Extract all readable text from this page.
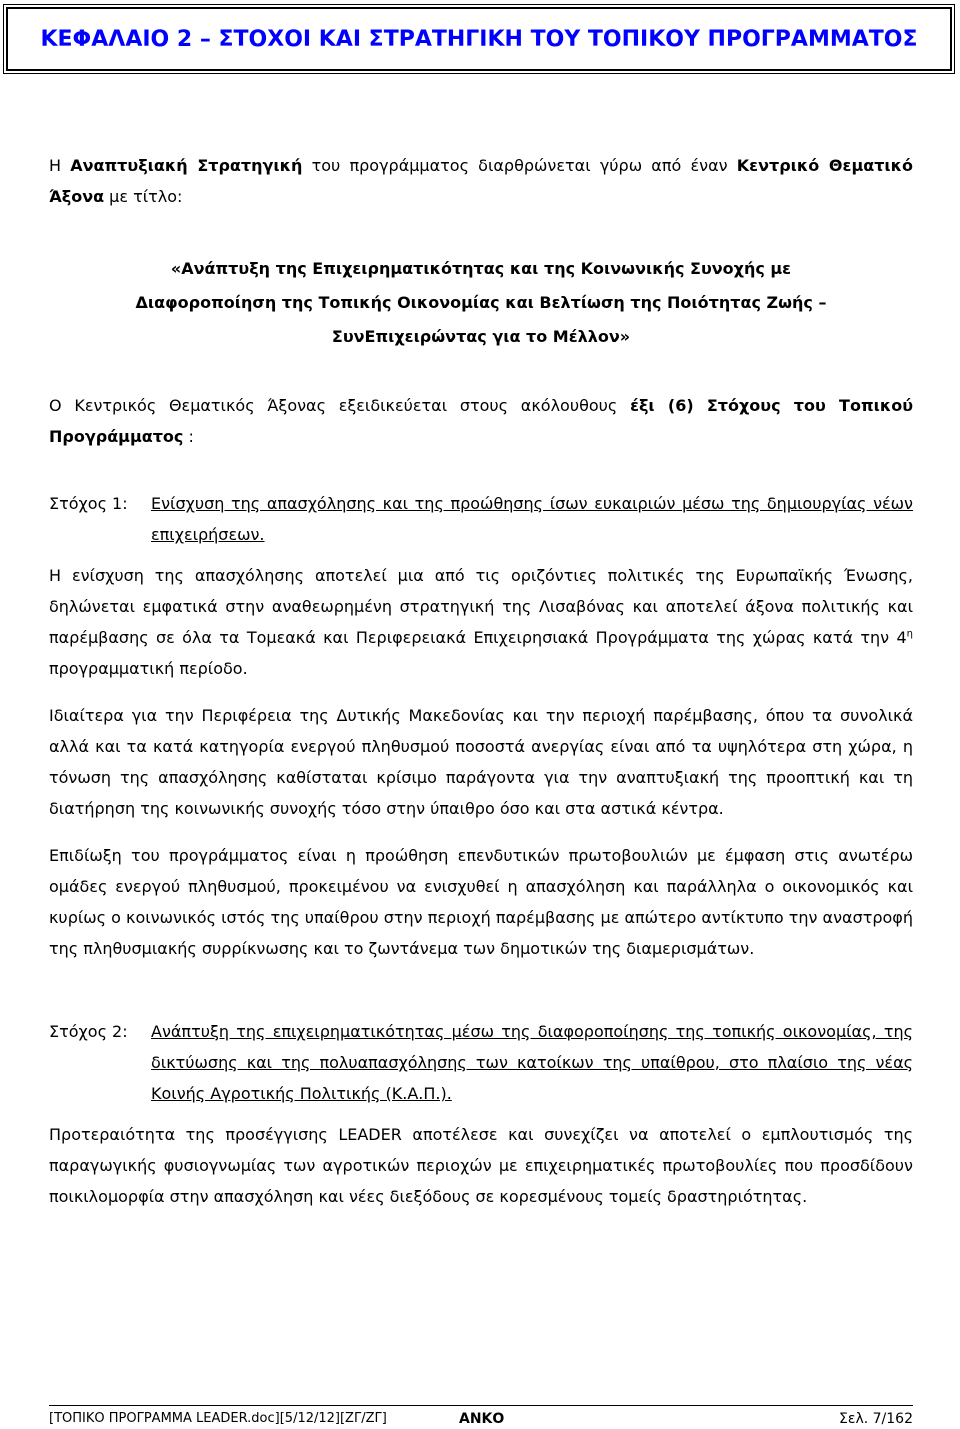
ΚΕΦΑΛΑΙΟ 2 – ΣΤΟΧΟΙ ΚΑΙ ΣΤΡΑΤΗΓΙΚΗ ΤΟΥ ΤΟΠΙΚΟΥ ΠΡΟΓΡΑΜΜΑΤΟΣ

Η Αναπτυξιακή Στρατηγική του προγράμματος διαρθρώνεται γύρω από έναν Κεντρικό Θεματικό Άξονα με τίτλο:

«Ανάπτυξη της Επιχειρηματικότητας και της Κοινωνικής Συνοχής με
Διαφοροποίηση της Τοπικής Οικονομίας και Βελτίωση της Ποιότητας Ζωής –
ΣυνΕπιχειρώντας για το Μέλλον»

Ο Κεντρικός Θεματικός Άξονας εξειδικεύεται στους ακόλουθους έξι (6) Στόχους του Τοπικού Προγράμματος :

Στόχος 1:	Ενίσχυση της απασχόλησης και της προώθησης ίσων ευκαιριών μέσω της δημιουργίας νέων επιχειρήσεων.

Η ενίσχυση της απασχόλησης αποτελεί μια από τις οριζόντιες πολιτικές της Ευρωπαϊκής Ένωσης, δηλώνεται εμφατικά στην αναθεωρημένη στρατηγική της Λισαβόνας και αποτελεί άξονα πολιτικής και παρέμβασης σε όλα τα Τομεακά και Περιφερειακά Επιχειρησιακά Προγράμματα της χώρας κατά την $4^\eta$ προγραμματική περίοδο.

Ιδιαίτερα για την Περιφέρεια της Δυτικής Μακεδονίας και την περιοχή παρέμβασης, όπου τα συνολικά αλλά και τα κατά κατηγορία ενεργού πληθυσμού ποσοστά ανεργίας είναι από τα υψηλότερα στη χώρα, η τόνωση της απασχόλησης καθίσταται κρίσιμο παράγοντα για την αναπτυξιακή της προοπτική και τη διατήρηση της κοινωνικής συνοχής τόσο στην ύπαιθρο όσο και στα αστικά κέντρα.

Επιδίωξη του προγράμματος είναι η προώθηση επενδυτικών πρωτοβουλιών με έμφαση στις ανωτέρω ομάδες ενεργού πληθυσμού, προκειμένου να ενισχυθεί η απασχόληση και παράλληλα ο οικονομικός και κυρίως ο κοινωνικός ιστός της υπαίθρου στην περιοχή παρέμβασης με απώτερο αντίκτυπο την αναστροφή της πληθυσμιακής συρρίκνωσης και το ζωντάνεμα των δημοτικών της διαμερισμάτων.

Στόχος 2:	Ανάπτυξη της επιχειρηματικότητας μέσω της διαφοροποίησης της τοπικής οικονομίας, της δικτύωσης και της πολυαπασχόλησης των κατοίκων της υπαίθρου, στο πλαίσιο της νέας Κοινής Αγροτικής Πολιτικής (Κ.Α.Π.).

Προτεραιότητα της προσέγγισης LEADER αποτέλεσε και συνεχίζει να αποτελεί ο εμπλουτισμός της παραγωγικής φυσιογνωμίας των αγροτικών περιοχών με επιχειρηματικές πρωτοβουλίες που προσδίδουν ποικιλομορφία στην απασχόληση και νέες διεξόδους σε κορεσμένους τομείς δραστηριότητας.

[ΤΟΠΙΚΟ ΠΡΟΓΡΑΜΜΑ LEADER.doc][5/12/12][ΖΓ/ΖΓ]	ΑΝΚΟ	Σελ. 7/162
